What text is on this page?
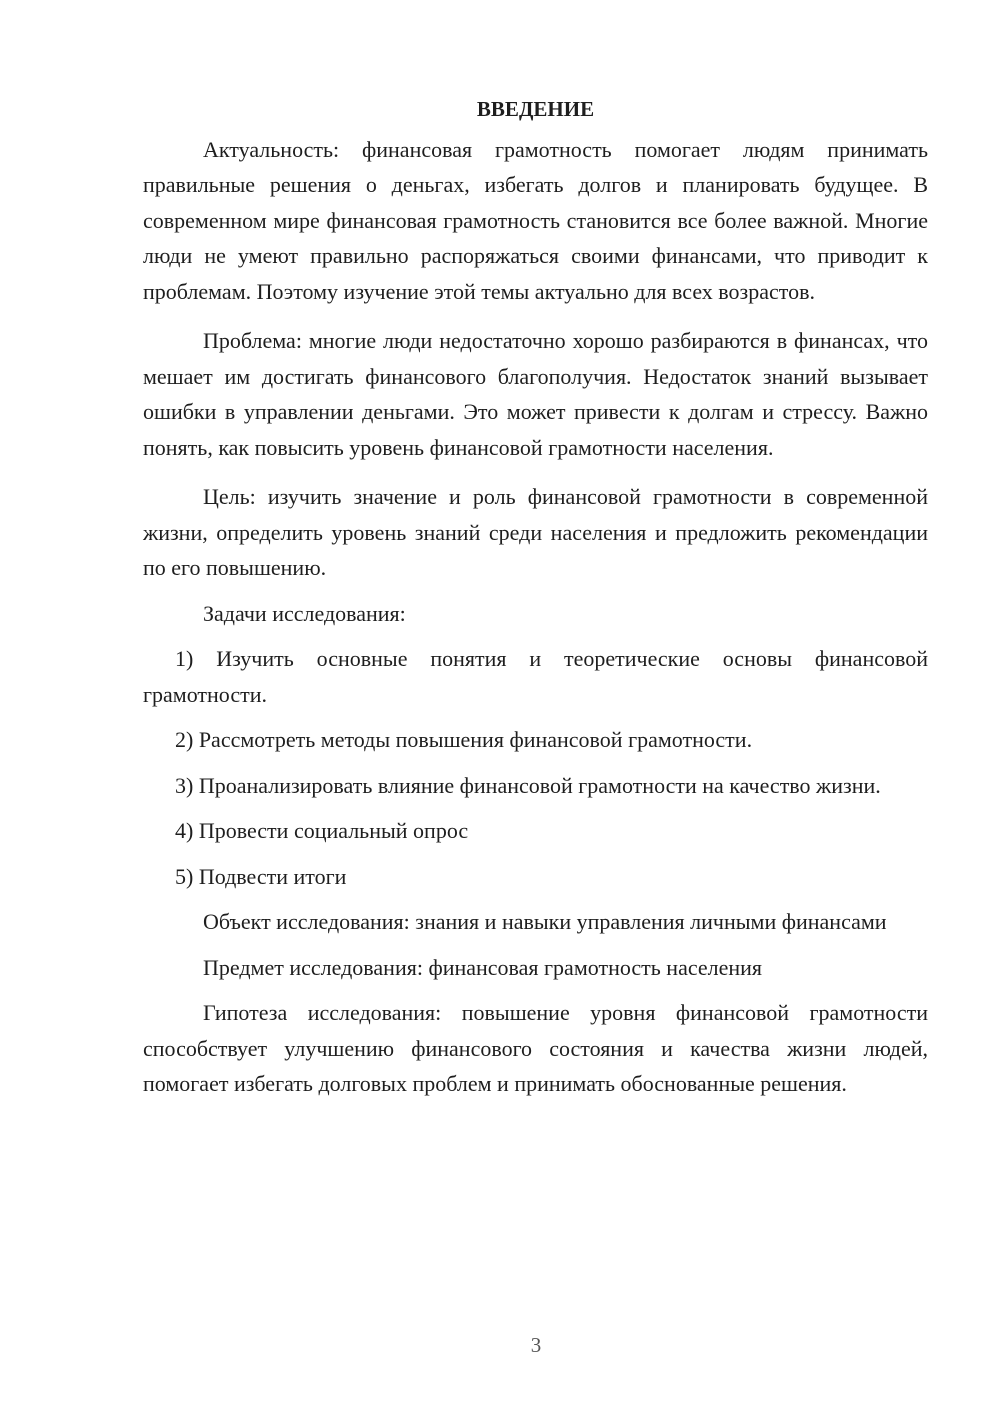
ВВЕДЕНИЕ

Актуальность: финансовая грамотность помогает людям принимать правильные решения о деньгах, избегать долгов и планировать будущее. В современном мире финансовая грамотность становится все более важной. Многие люди не умеют правильно распоряжаться своими финансами, что приводит к проблемам. Поэтому изучение этой темы актуально для всех возрастов.

Проблема: многие люди недостаточно хорошо разбираются в финансах, что мешает им достигать финансового благополучия. Недостаток знаний вызывает ошибки в управлении деньгами. Это может привести к долгам и стрессу. Важно понять, как повысить уровень финансовой грамотности населения.

Цель: изучить значение и роль финансовой грамотности в современной жизни, определить уровень знаний среди населения и предложить рекомендации по его повышению.

Задачи исследования:

1) Изучить основные понятия и теоретические основы финансовой грамотности.

2) Рассмотреть методы повышения финансовой грамотности.

3) Проанализировать влияние финансовой грамотности на качество жизни.

4) Провести социальный опрос

5) Подвести итоги

Объект исследования: знания и навыки управления личными финансами

Предмет исследования: финансовая грамотность населения

Гипотеза исследования: повышение уровня финансовой грамотности способствует улучшению финансового состояния и качества жизни людей, помогает избегать долговых проблем и принимать обоснованные решения.

3
